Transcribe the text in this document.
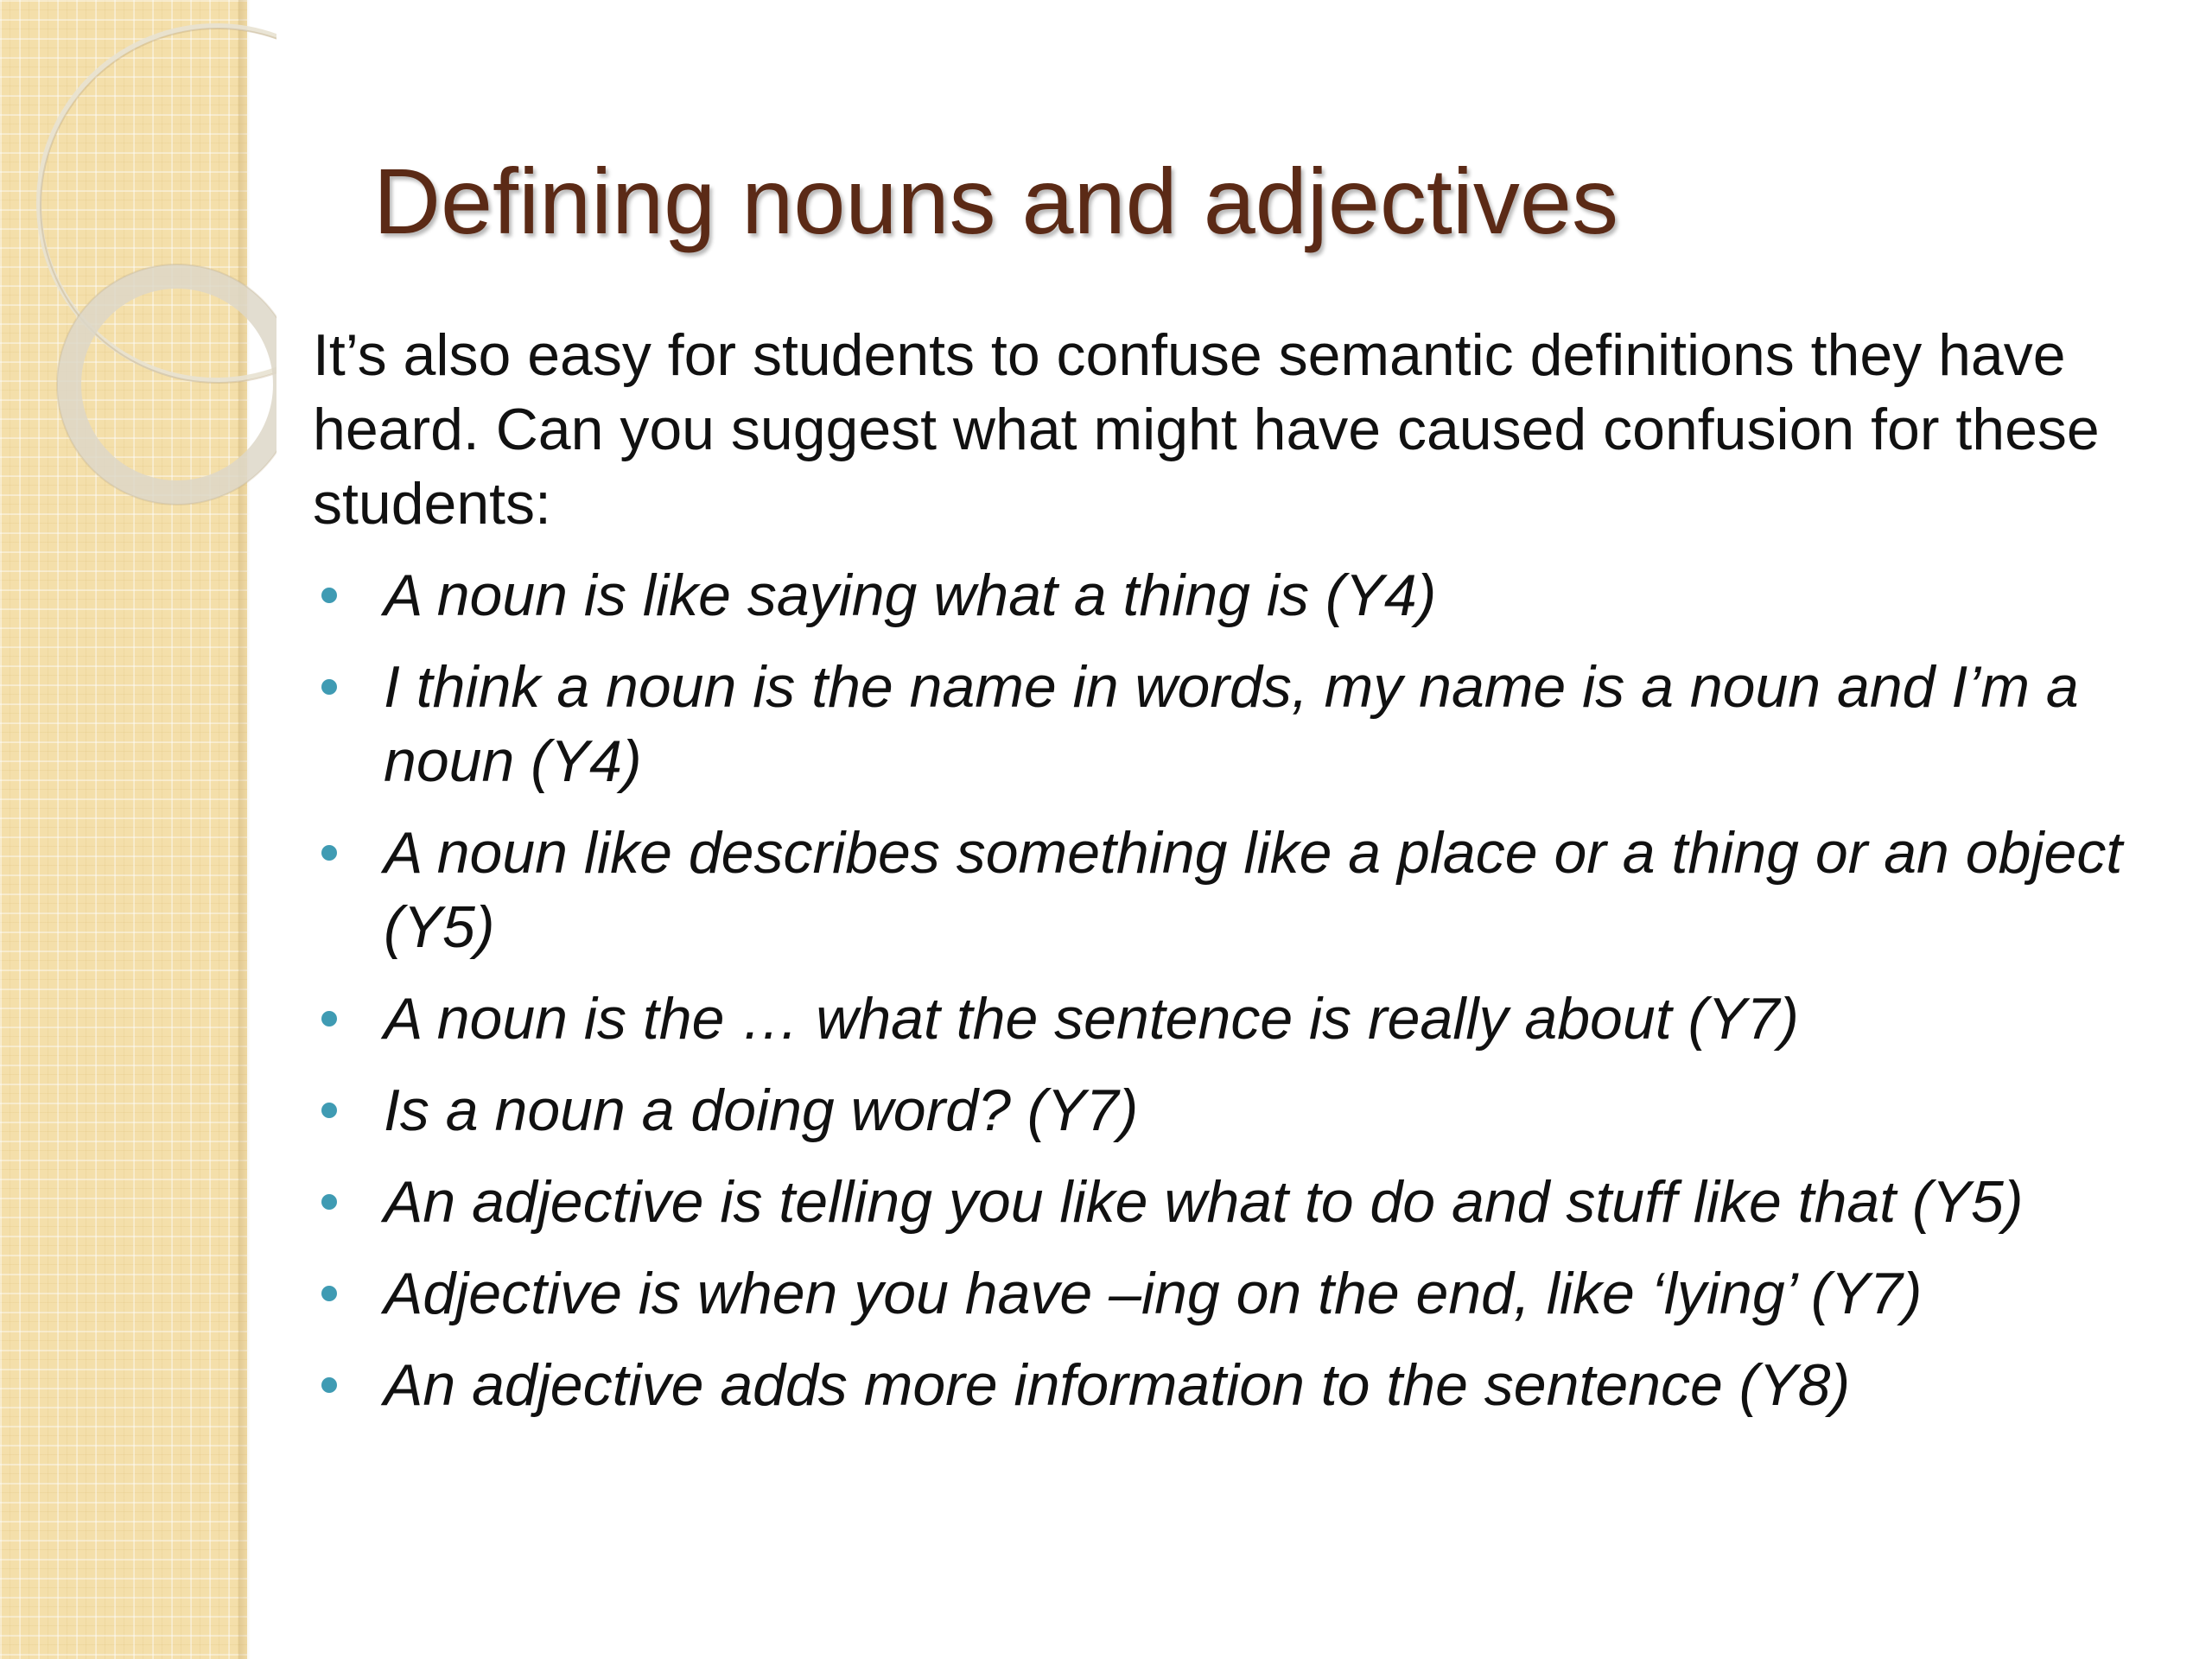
Defining nouns and adjectives

It’s also easy for students to confuse semantic definitions they have heard. Can you suggest what might have caused confusion for these students:

A noun is like saying what a thing is (Y4)
I think a noun is the name in words, my name is a noun and I’m a noun (Y4)
A noun like describes something like a place or a thing or an object (Y5)
A noun is the … what the sentence is really about (Y7)
Is a noun a doing word? (Y7)
An adjective is telling you like what to do and stuff like that (Y5)
Adjective is when you have –ing on the end, like ‘lying’ (Y7)
An adjective adds more information to the sentence (Y8)
